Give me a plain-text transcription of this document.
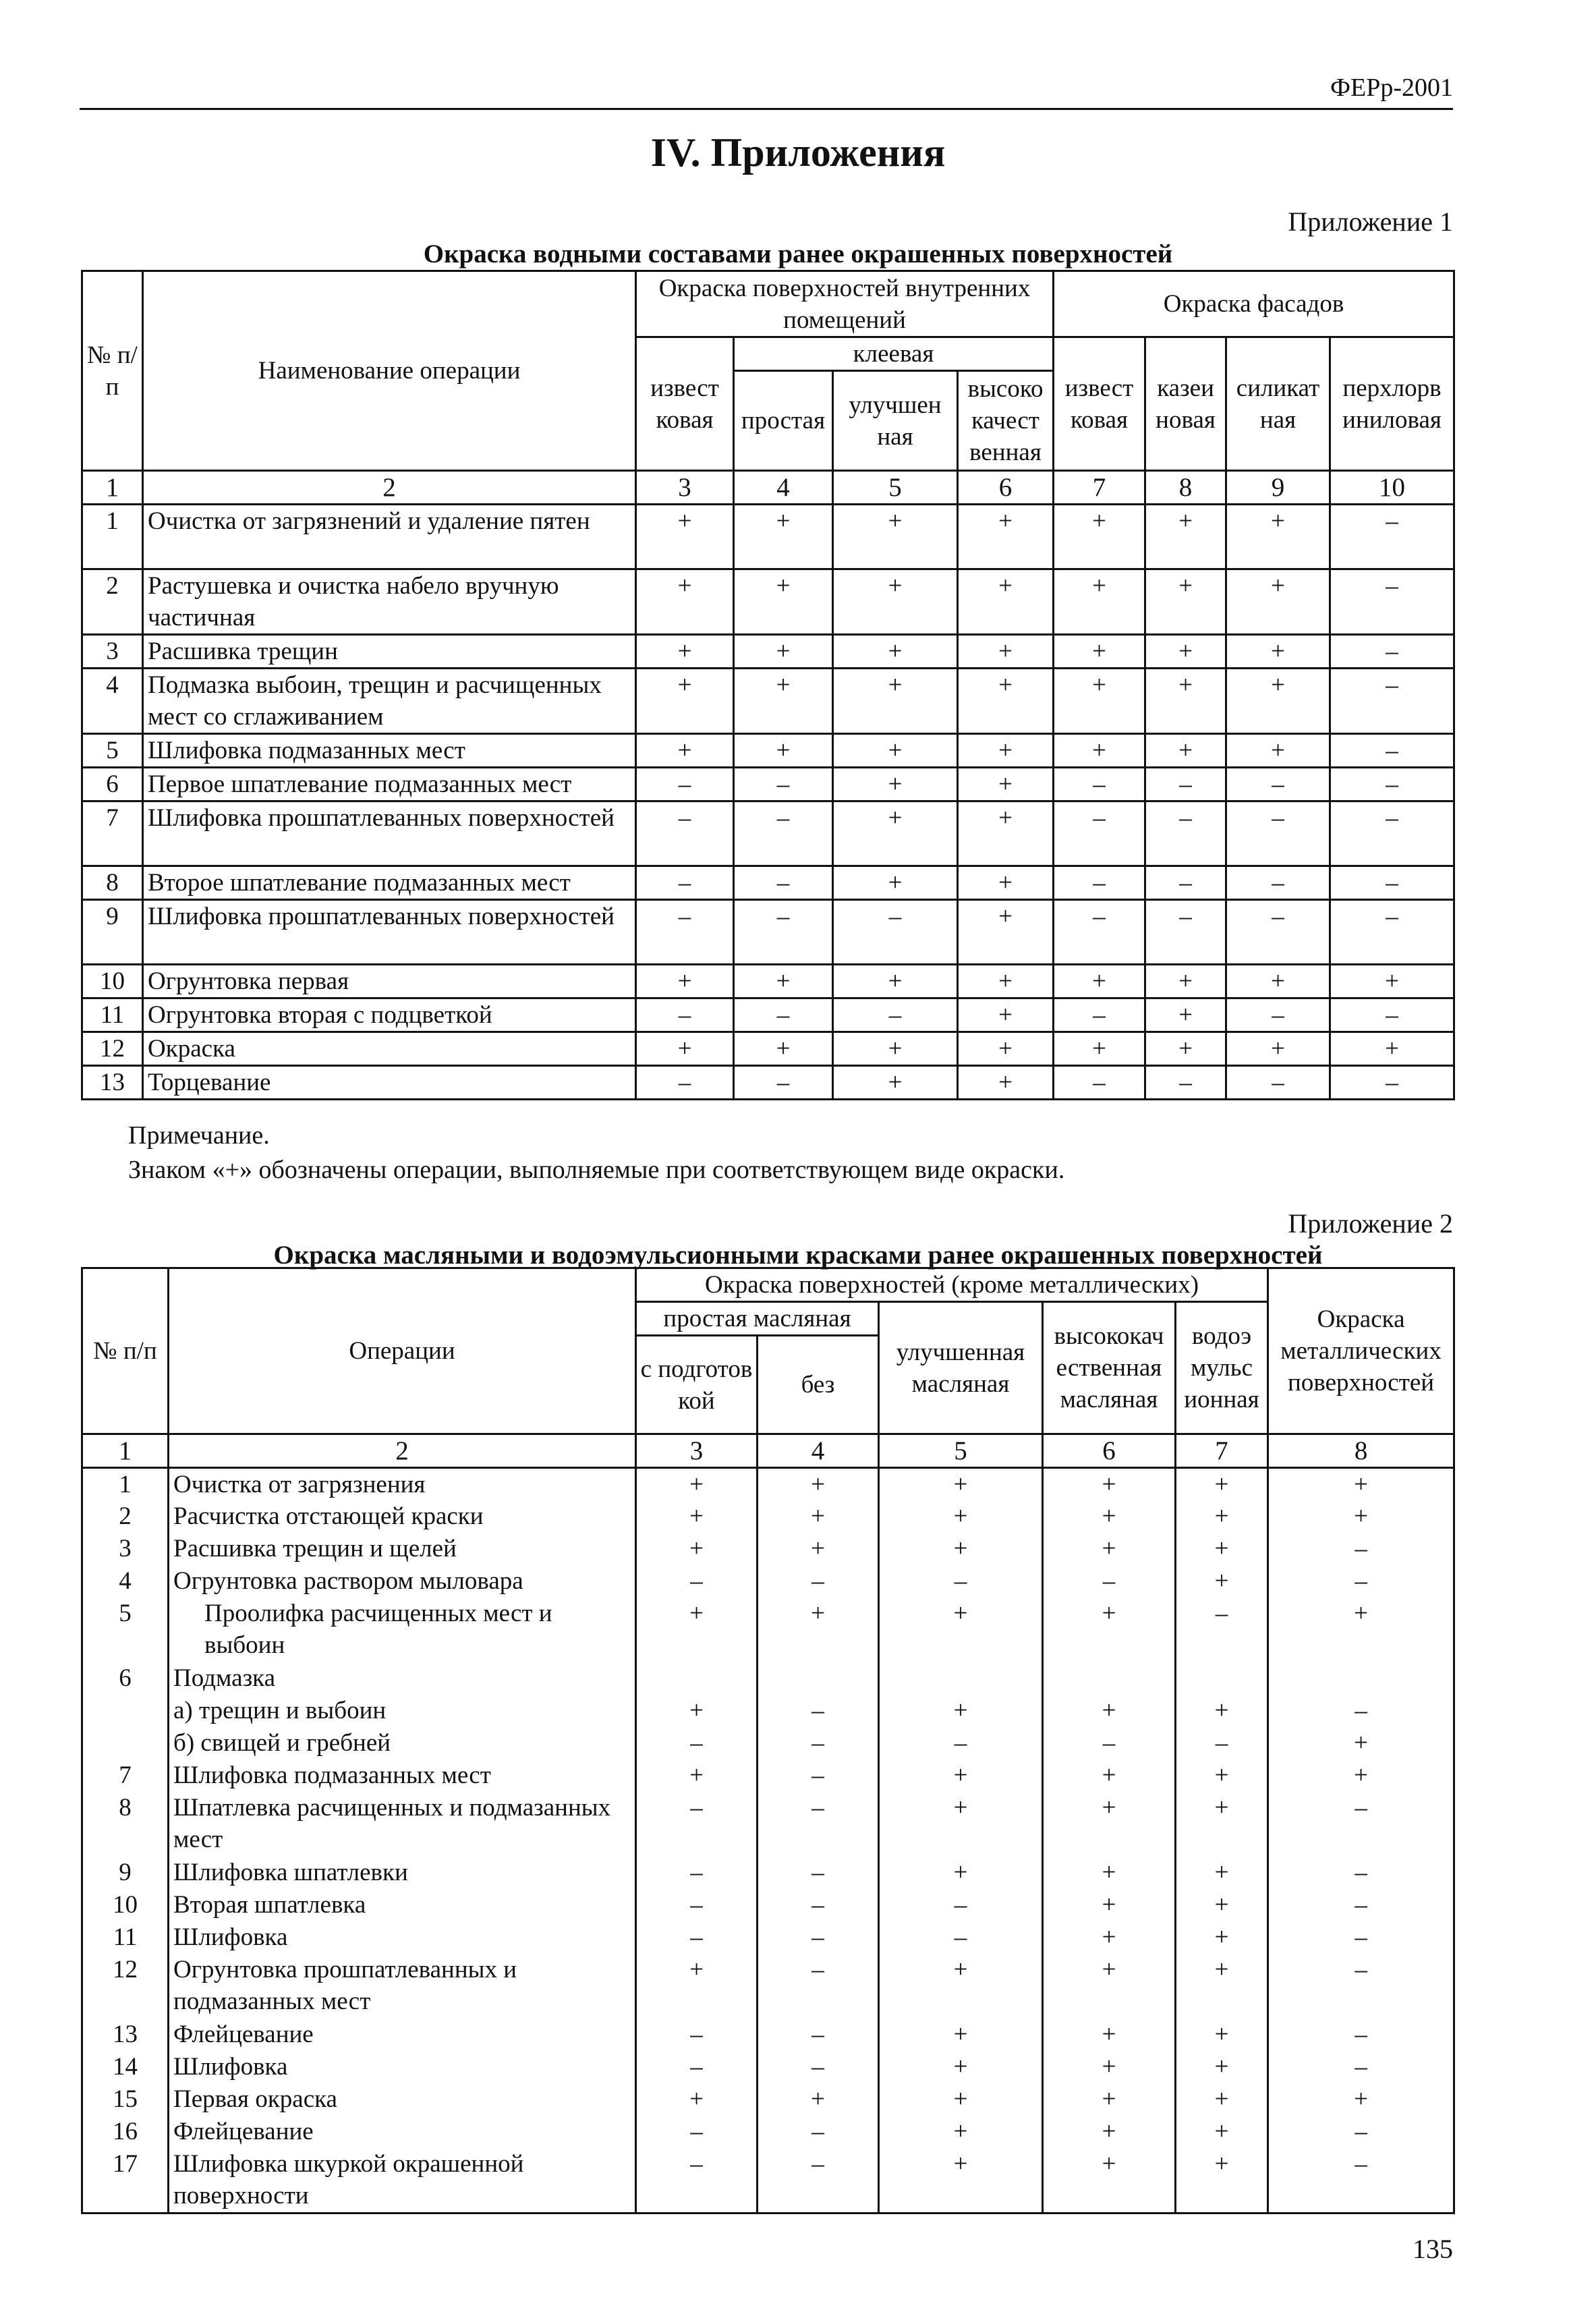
ФЕРр-2001
IV. Приложения
Приложение 1
Окраска водными составами ранее окрашенных поверхностей
№ п/п	Наименование операции	Окраска поверхностей внутренних помещений				Окраска фасадов			
		извест ковая	клеевая			извест ковая	казеи новая	силикат ная	перхлорв иниловая
			простая	улучшен ная	высоко качест венная				
1	2	3	4	5	6	7	8	9	10
1	Очистка от загрязнений и удаление пятен	+	+	+	+	+	+	+	–
2	Растушевка и очистка набело вручную частичная	+	+	+	+	+	+	+	–
3	Расшивка трещин	+	+	+	+	+	+	+	–
4	Подмазка выбоин, трещин и расчищенных мест со сглаживанием	+	+	+	+	+	+	+	–
5	Шлифовка подмазанных мест	+	+	+	+	+	+	+	–
6	Первое шпатлевание подмазанных мест	–	–	+	+	–	–	–	–
7	Шлифовка прошпатлеванных поверхностей	–	–	+	+	–	–	–	–
8	Второе шпатлевание подмазанных мест	–	–	+	+	–	–	–	–
9	Шлифовка прошпатлеванных поверхностей	–	–	–	+	–	–	–	–
10	Огрунтовка первая	+	+	+	+	+	+	+	+
11	Огрунтовка вторая с подцветкой	–	–	–	+	–	+	–	–
12	Окраска	+	+	+	+	+	+	+	+
13	Торцевание	–	–	+	+	–	–	–	–
Примечание.
Знаком «+» обозначены операции, выполняемые при соответствующем виде окраски.
Приложение 2
Окраска масляными и водоэмульсионными красками ранее окрашенных поверхностей
№ п/п	Операции	Окраска поверхностей (кроме металлических)					Окраска металлических поверхностей
		простая масляная		улучшенная масляная	высококач ественная масляная	водоэ мульс ионная	
		с подготов кой	без				
1	2	3	4	5	6	7	8
1	Очистка от загрязнения	+	+	+	+	+	+
2	Расчистка отстающей краски	+	+	+	+	+	+
3	Расшивка трещин и щелей	+	+	+	+	+	–
4	Огрунтовка раствором мыловара	–	–	–	–	+	–
5	Проолифка расчищенных мест и выбоин	+	+	+	+	–	+
6	Подмазка						
	а) трещин и выбоин	+	–	+	+	+	–
	б) свищей и гребней	–	–	–	–	–	+
7	Шлифовка подмазанных мест	+	–	+	+	+	+
8	Шпатлевка расчищенных и подмазанных мест	–	–	+	+	+	–
9	Шлифовка шпатлевки	–	–	+	+	+	–
10	Вторая шпатлевка	–	–	–	+	+	–
11	Шлифовка	–	–	–	+	+	–
12	Огрунтовка прошпатлеванных и подмазанных мест	+	–	+	+	+	–
13	Флейцевание	–	–	+	+	+	–
14	Шлифовка	–	–	+	+	+	–
15	Первая окраска	+	+	+	+	+	+
16	Флейцевание	–	–	+	+	+	–
17	Шлифовка шкуркой окрашенной поверхности	–	–	+	+	+	–
135
